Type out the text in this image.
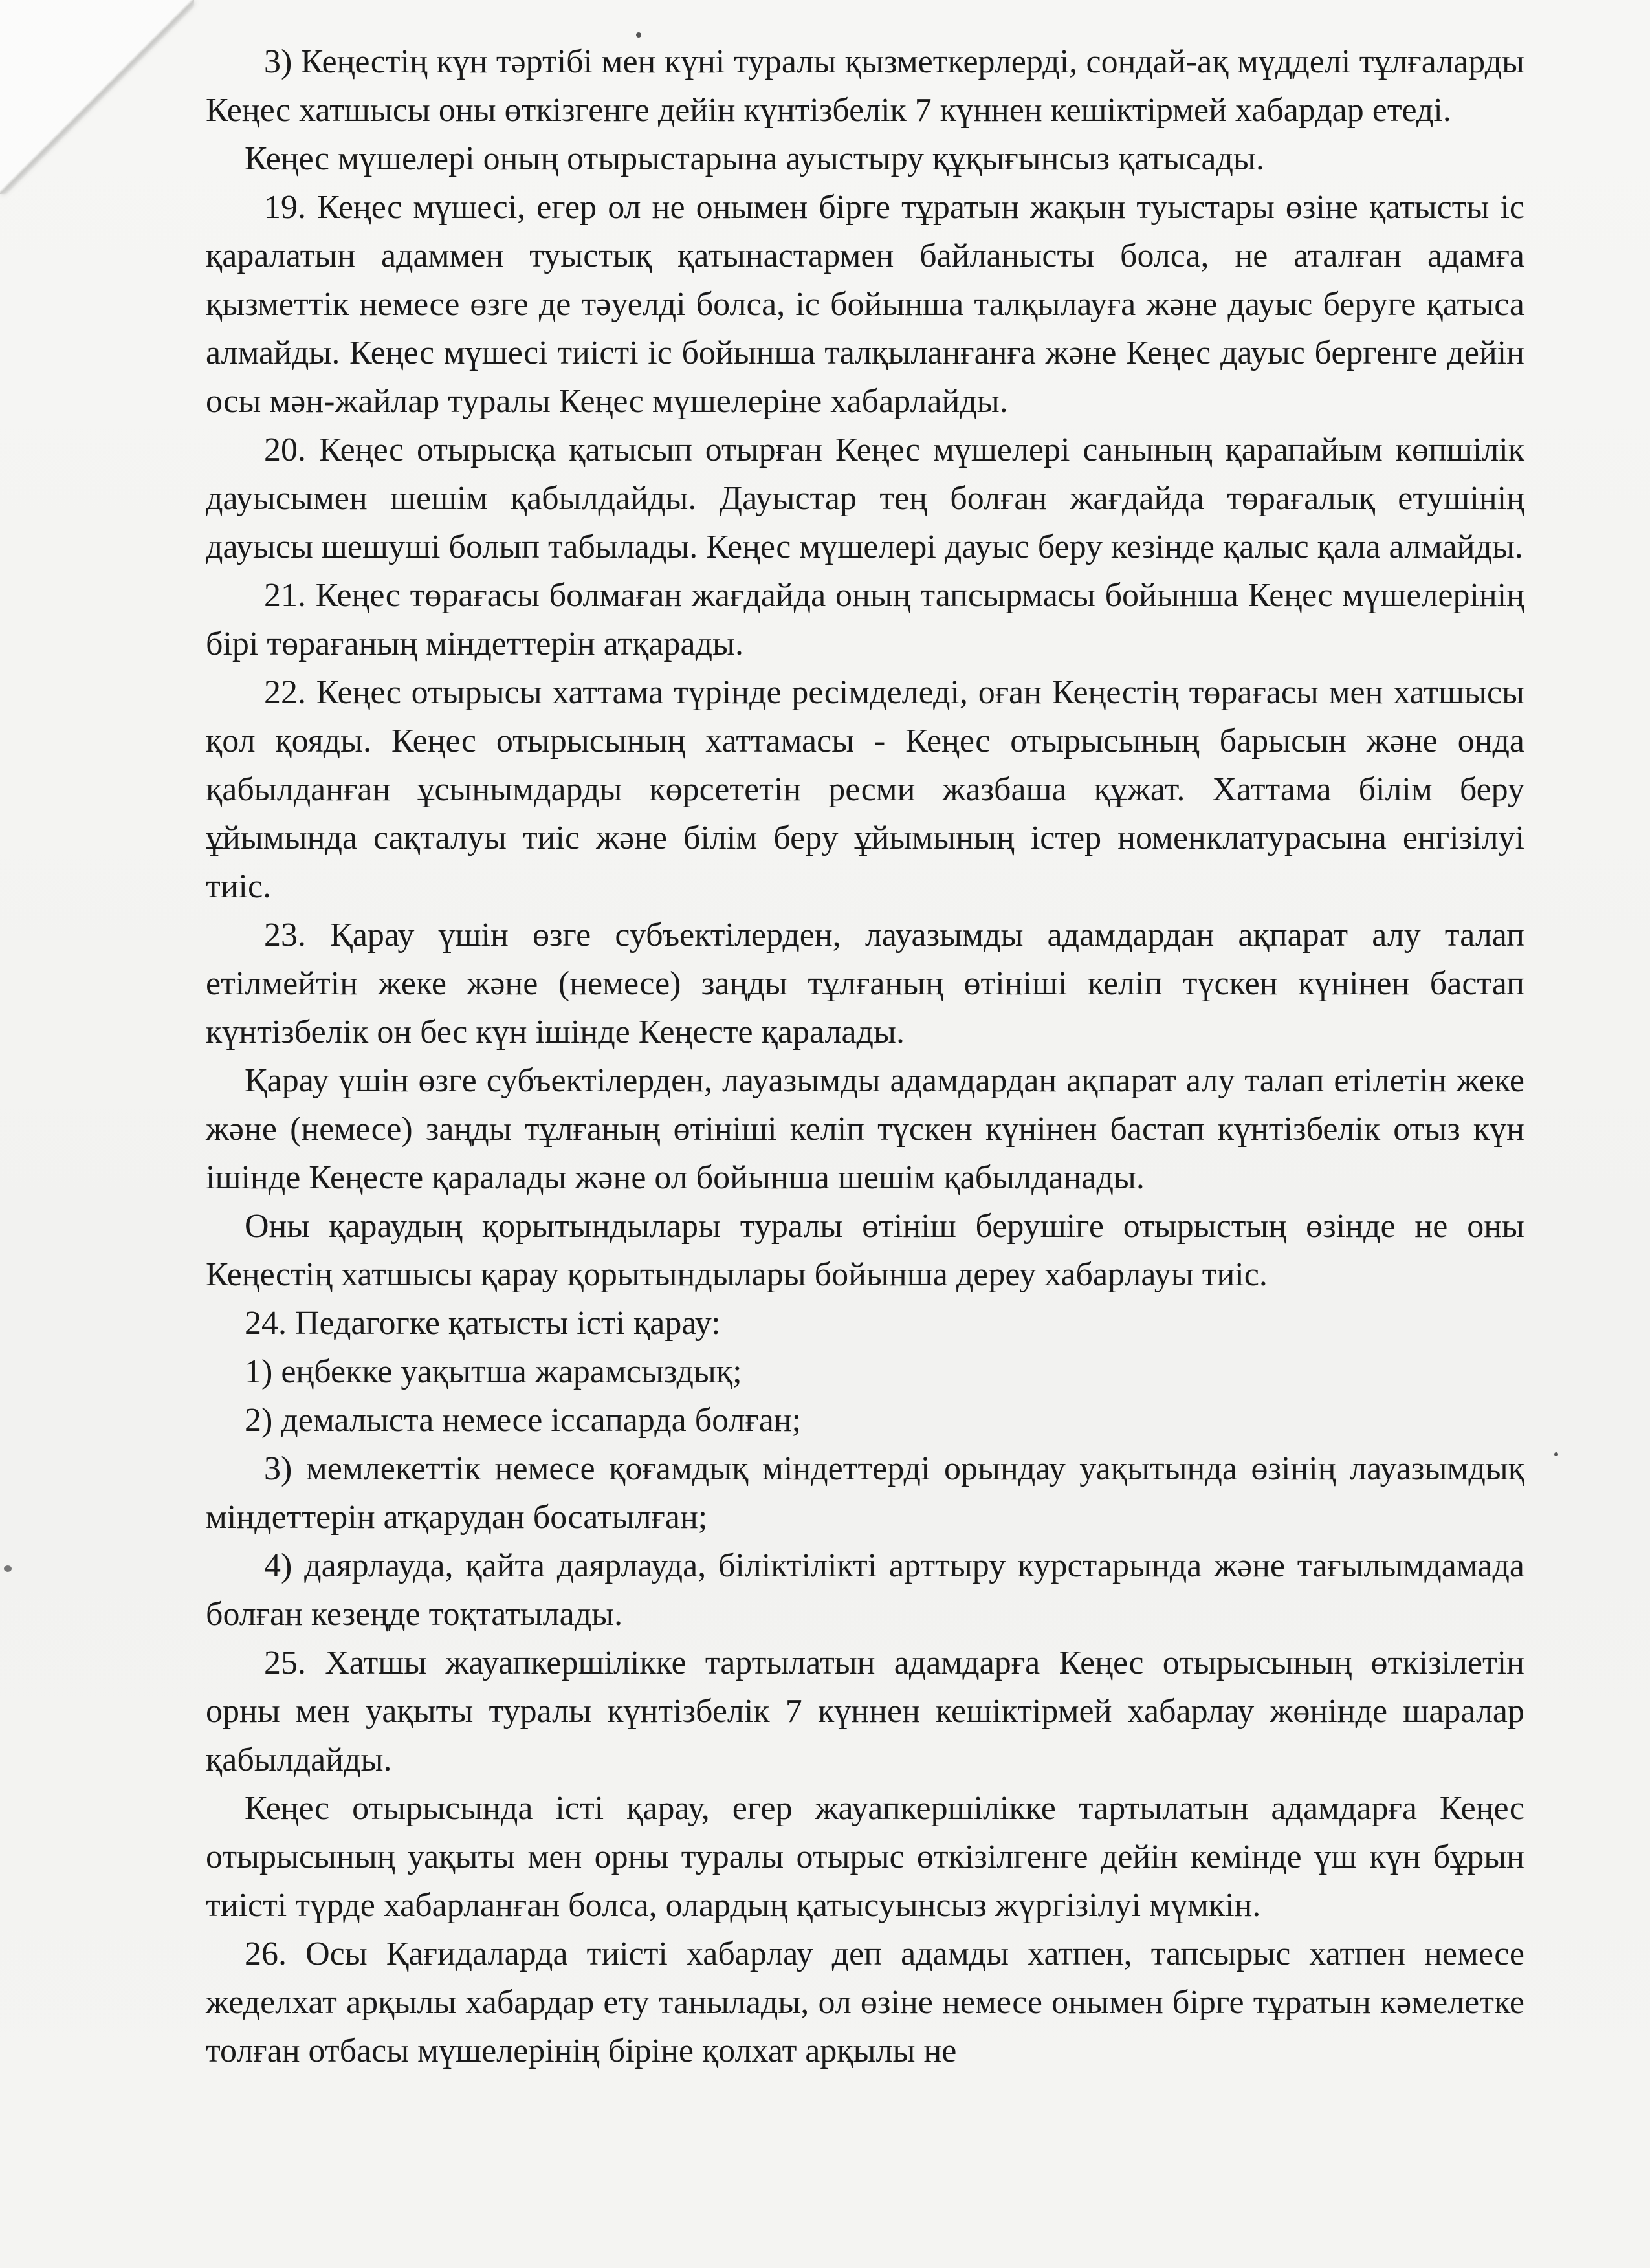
3) Кеңестің күн тәртібі мен күні туралы қызметкерлерді, сондай-ақ мүдделі тұлғаларды Кеңес хатшысы оны өткізгенге дейін күнтізбелік 7 күннен кешіктірмей хабардар етеді.

Кеңес мүшелері оның отырыстарына ауыстыру құқығынсыз қатысады.

19. Кеңес мүшесі, егер ол не онымен бірге тұратын жақын туыстары өзіне қатысты іс қаралатын адаммен туыстық қатынастармен байланысты болса, не аталған адамға қызметтік немесе өзге де тәуелді болса, іс бойынша талқылауға және дауыс беруге қатыса алмайды. Кеңес мүшесі тиісті іс бойынша талқыланғанға және Кеңес дауыс бергенге дейін осы мән-жайлар туралы Кеңес мүшелеріне хабарлайды.

20. Кеңес отырысқа қатысып отырған Кеңес мүшелері санының қарапайым көпшілік дауысымен шешім қабылдайды. Дауыстар тең болған жағдайда төрағалық етушінің дауысы шешуші болып табылады. Кеңес мүшелері дауыс беру кезінде қалыс қала алмайды.

21. Кеңес төрағасы болмаған жағдайда оның тапсырмасы бойынша Кеңес мүшелерінің бірі төрағаның міндеттерін атқарады.

22. Кеңес отырысы хаттама түрінде ресімделеді, оған Кеңестің төрағасы мен хатшысы қол қояды. Кеңес отырысының хаттамасы - Кеңес отырысының барысын және онда қабылданған ұсынымдарды көрсететін ресми жазбаша құжат. Хаттама білім беру ұйымында сақталуы тиіс және білім беру ұйымының істер номенклатурасына енгізілуі тиіс.

23. Қарау үшін өзге субъектілерден, лауазымды адамдардан ақпарат алу талап етілмейтін жеке және (немесе) заңды тұлғаның өтініші келіп түскен күнінен бастап күнтізбелік он бес күн ішінде Кеңесте қаралады.

Қарау үшін өзге субъектілерден, лауазымды адамдардан ақпарат алу талап етілетін жеке және (немесе) заңды тұлғаның өтініші келіп түскен күнінен бастап күнтізбелік отыз күн ішінде Кеңесте қаралады және ол бойынша шешім қабылданады.

Оны қараудың қорытындылары туралы өтініш берушіге отырыстың өзінде не оны Кеңестің хатшысы қарау қорытындылары бойынша дереу хабарлауы тиіс.

24. Педагогке қатысты істі қарау:

1) еңбекке уақытша жарамсыздық;

2) демалыста немесе іссапарда болған;

3) мемлекеттік немесе қоғамдық міндеттерді орындау уақытында өзінің лауазымдық міндеттерін атқарудан босатылған;

4) даярлауда, қайта даярлауда, біліктілікті арттыру курстарында және тағылымдамада болған кезеңде тоқтатылады.

25. Хатшы жауапкершілікке тартылатын адамдарға Кеңес отырысының өткізілетін орны мен уақыты туралы күнтізбелік 7 күннен кешіктірмей хабарлау жөнінде шаралар қабылдайды.

Кеңес отырысында істі қарау, егер жауапкершілікке тартылатын адамдарға Кеңес отырысының уақыты мен орны туралы отырыс өткізілгенге дейін кемінде үш күн бұрын тиісті түрде хабарланған болса, олардың қатысуынсыз жүргізілуі мүмкін.

26. Осы Қағидаларда тиісті хабарлау деп адамды хатпен, тапсырыс хатпен немесе жеделхат арқылы хабардар ету танылады, ол өзіне немесе онымен бірге тұратын кәмелетке толған отбасы мүшелерінің біріне қолхат арқылы не
